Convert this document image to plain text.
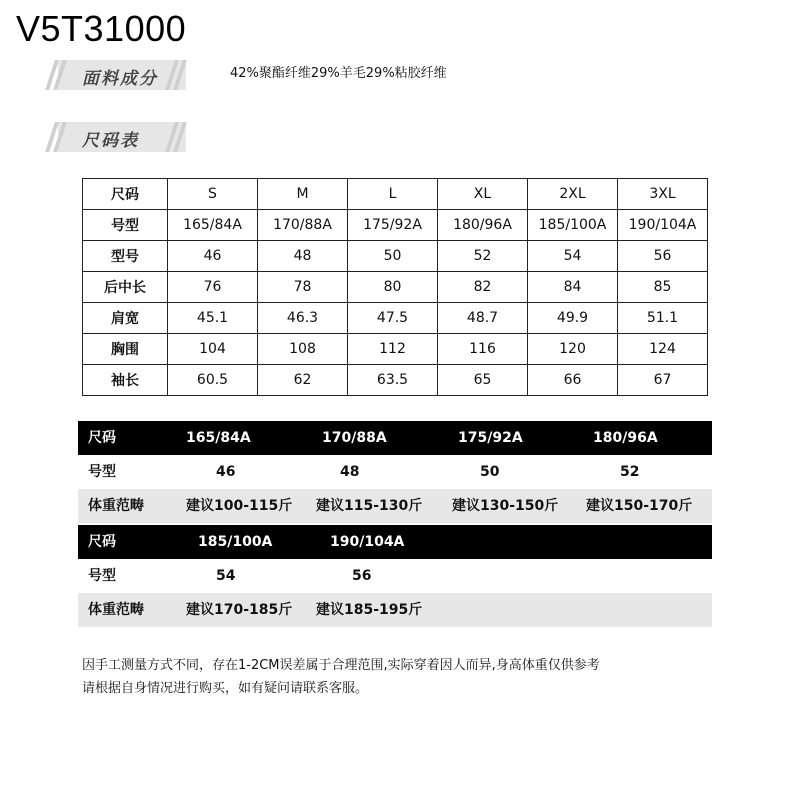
V5T31000
面料成分	42%聚酯纤维29%羊毛29%粘胶纤维
尺码表
尺码	S	M	L	XL	2XL	3XL
号型	165/84A	170/88A	175/92A	180/96A	185/100A	190/104A
型号	46	48	50	52	54	56
后中长	76	78	80	82	84	85
肩宽	45.1	46.3	47.5	48.7	49.9	51.1
胸围	104	108	112	116	120	124
袖长	60.5	62	63.5	65	66	67
尺码	165/84A	170/88A	175/92A	180/96A
号型	46	48	50	52
体重范畴	建议100-115斤 建议115-130斤 建议130-150斤 建议150-170斤
尺码	185/100A	190/104A
号型	54	56
体重范畴	建议170-185斤 建议185-195斤
因手工测量方式不同，存在1-2CM误差属于合理范围,实际穿着因人而异,身高体重仅供参考
请根据自身情况进行购买，如有疑问请联系客服。
